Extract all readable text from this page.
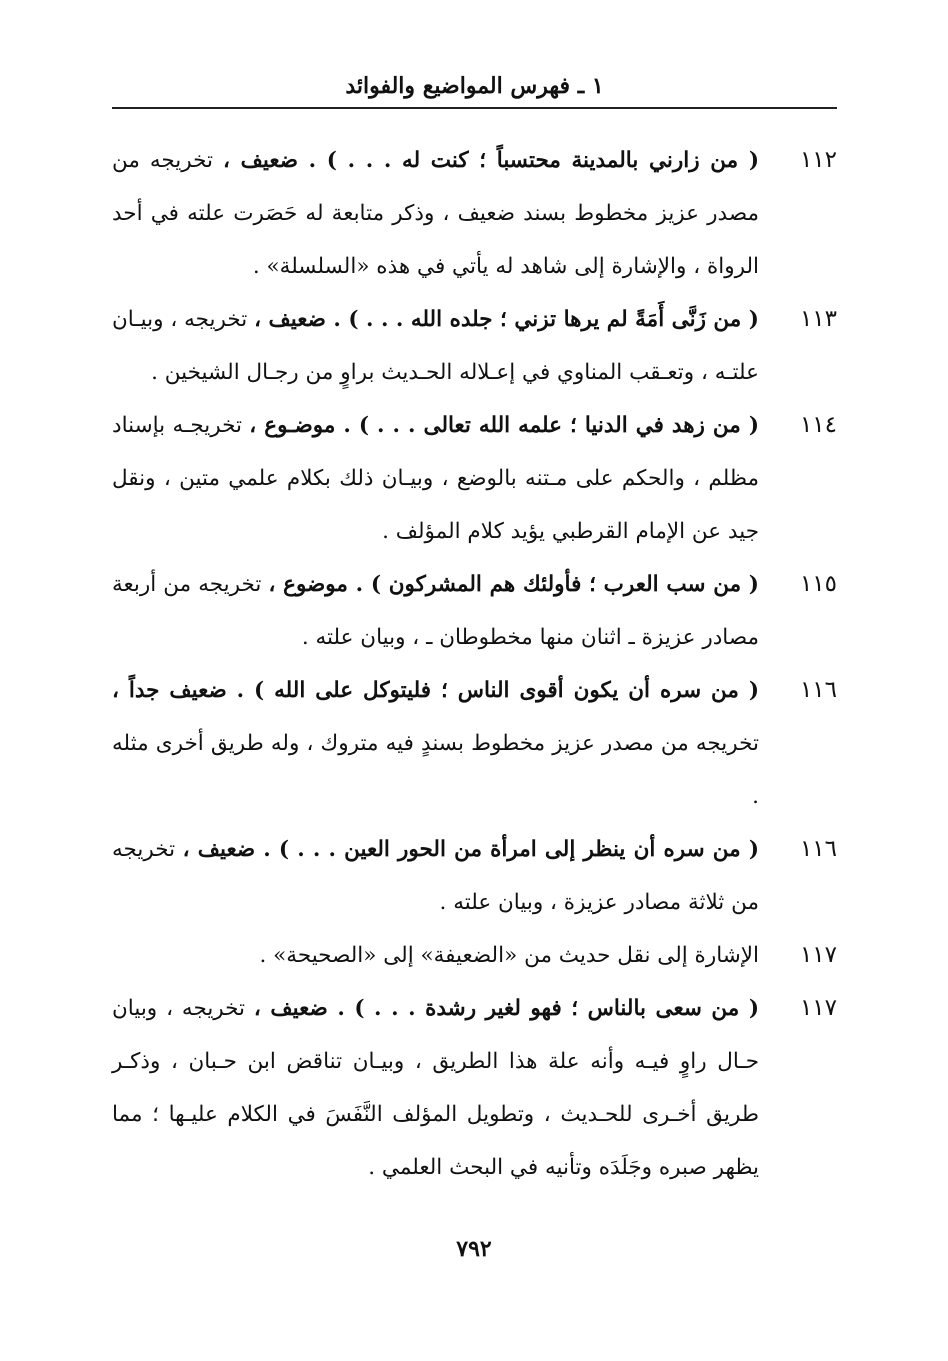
١ ـ فهرس المواضيع والفوائد
١١٢
( من زارني بالمدينة محتسباً ؛ كنت له . . . ) . ضعيف ، تخريجه من مصدر عزيز مخطوط بسند ضعيف ، وذكر متابعة له حَصَرت علته في أحد الرواة ، والإشارة إلى شاهد له يأتي في هذه «السلسلة» .
١١٣
( من زَنَّى أَمَةً لم يرها تزني ؛ جلده الله . . . ) . ضعيف ، تخريجه ، وبيـان علتـه ، وتعـقب المناوي في إعـلاله الحـديث براوٍ من رجـال الشيخين .
١١٤
( من زهد في الدنيا ؛ علمه الله تعالى . . . ) . موضـوع ، تخريجـه بإسناد مظلم ، والحكم على مـتنه بالوضع ، وبيـان ذلك بكلام علمي متين ، ونقل جيد عن الإمام القرطبي يؤيد كلام المؤلف .
١١٥
( من سب العرب ؛ فأولئك هم المشركون ) . موضوع ، تخريجه من أربعة مصادر عزيزة ـ اثنان منها مخطوطان ـ ، وبيان علته .
١١٦
( من سره أن يكون أقوى الناس ؛ فليتوكل على الله ) . ضعيف جداً ، تخريجه من مصدر عزيز مخطوط بسندٍ فيه متروك ، وله طريق أخرى مثله .
١١٦
( من سره أن ينظر إلى امرأة من الحور العين . . . ) . ضعيف ، تخريجه من ثلاثة مصادر عزيزة ، وبيان علته .
١١٧
الإشارة إلى نقل حديث من «الضعيفة» إلى «الصحيحة» .
١١٧
( من سعى بالناس ؛ فهو لغير رشدة . . . ) . ضعيف ، تخريجه ، وبيان حـال راوٍ فيـه وأنه علة هذا الطريق ، وبيـان تناقض ابن حـبان ، وذكـر طريق أخـرى للحـديث ، وتطويل المؤلف النَّفَسَ في الكلام عليـها ؛ مما يظهر صبره وجَلَدَه وتأنيه في البحث العلمي .
٧٩٢
